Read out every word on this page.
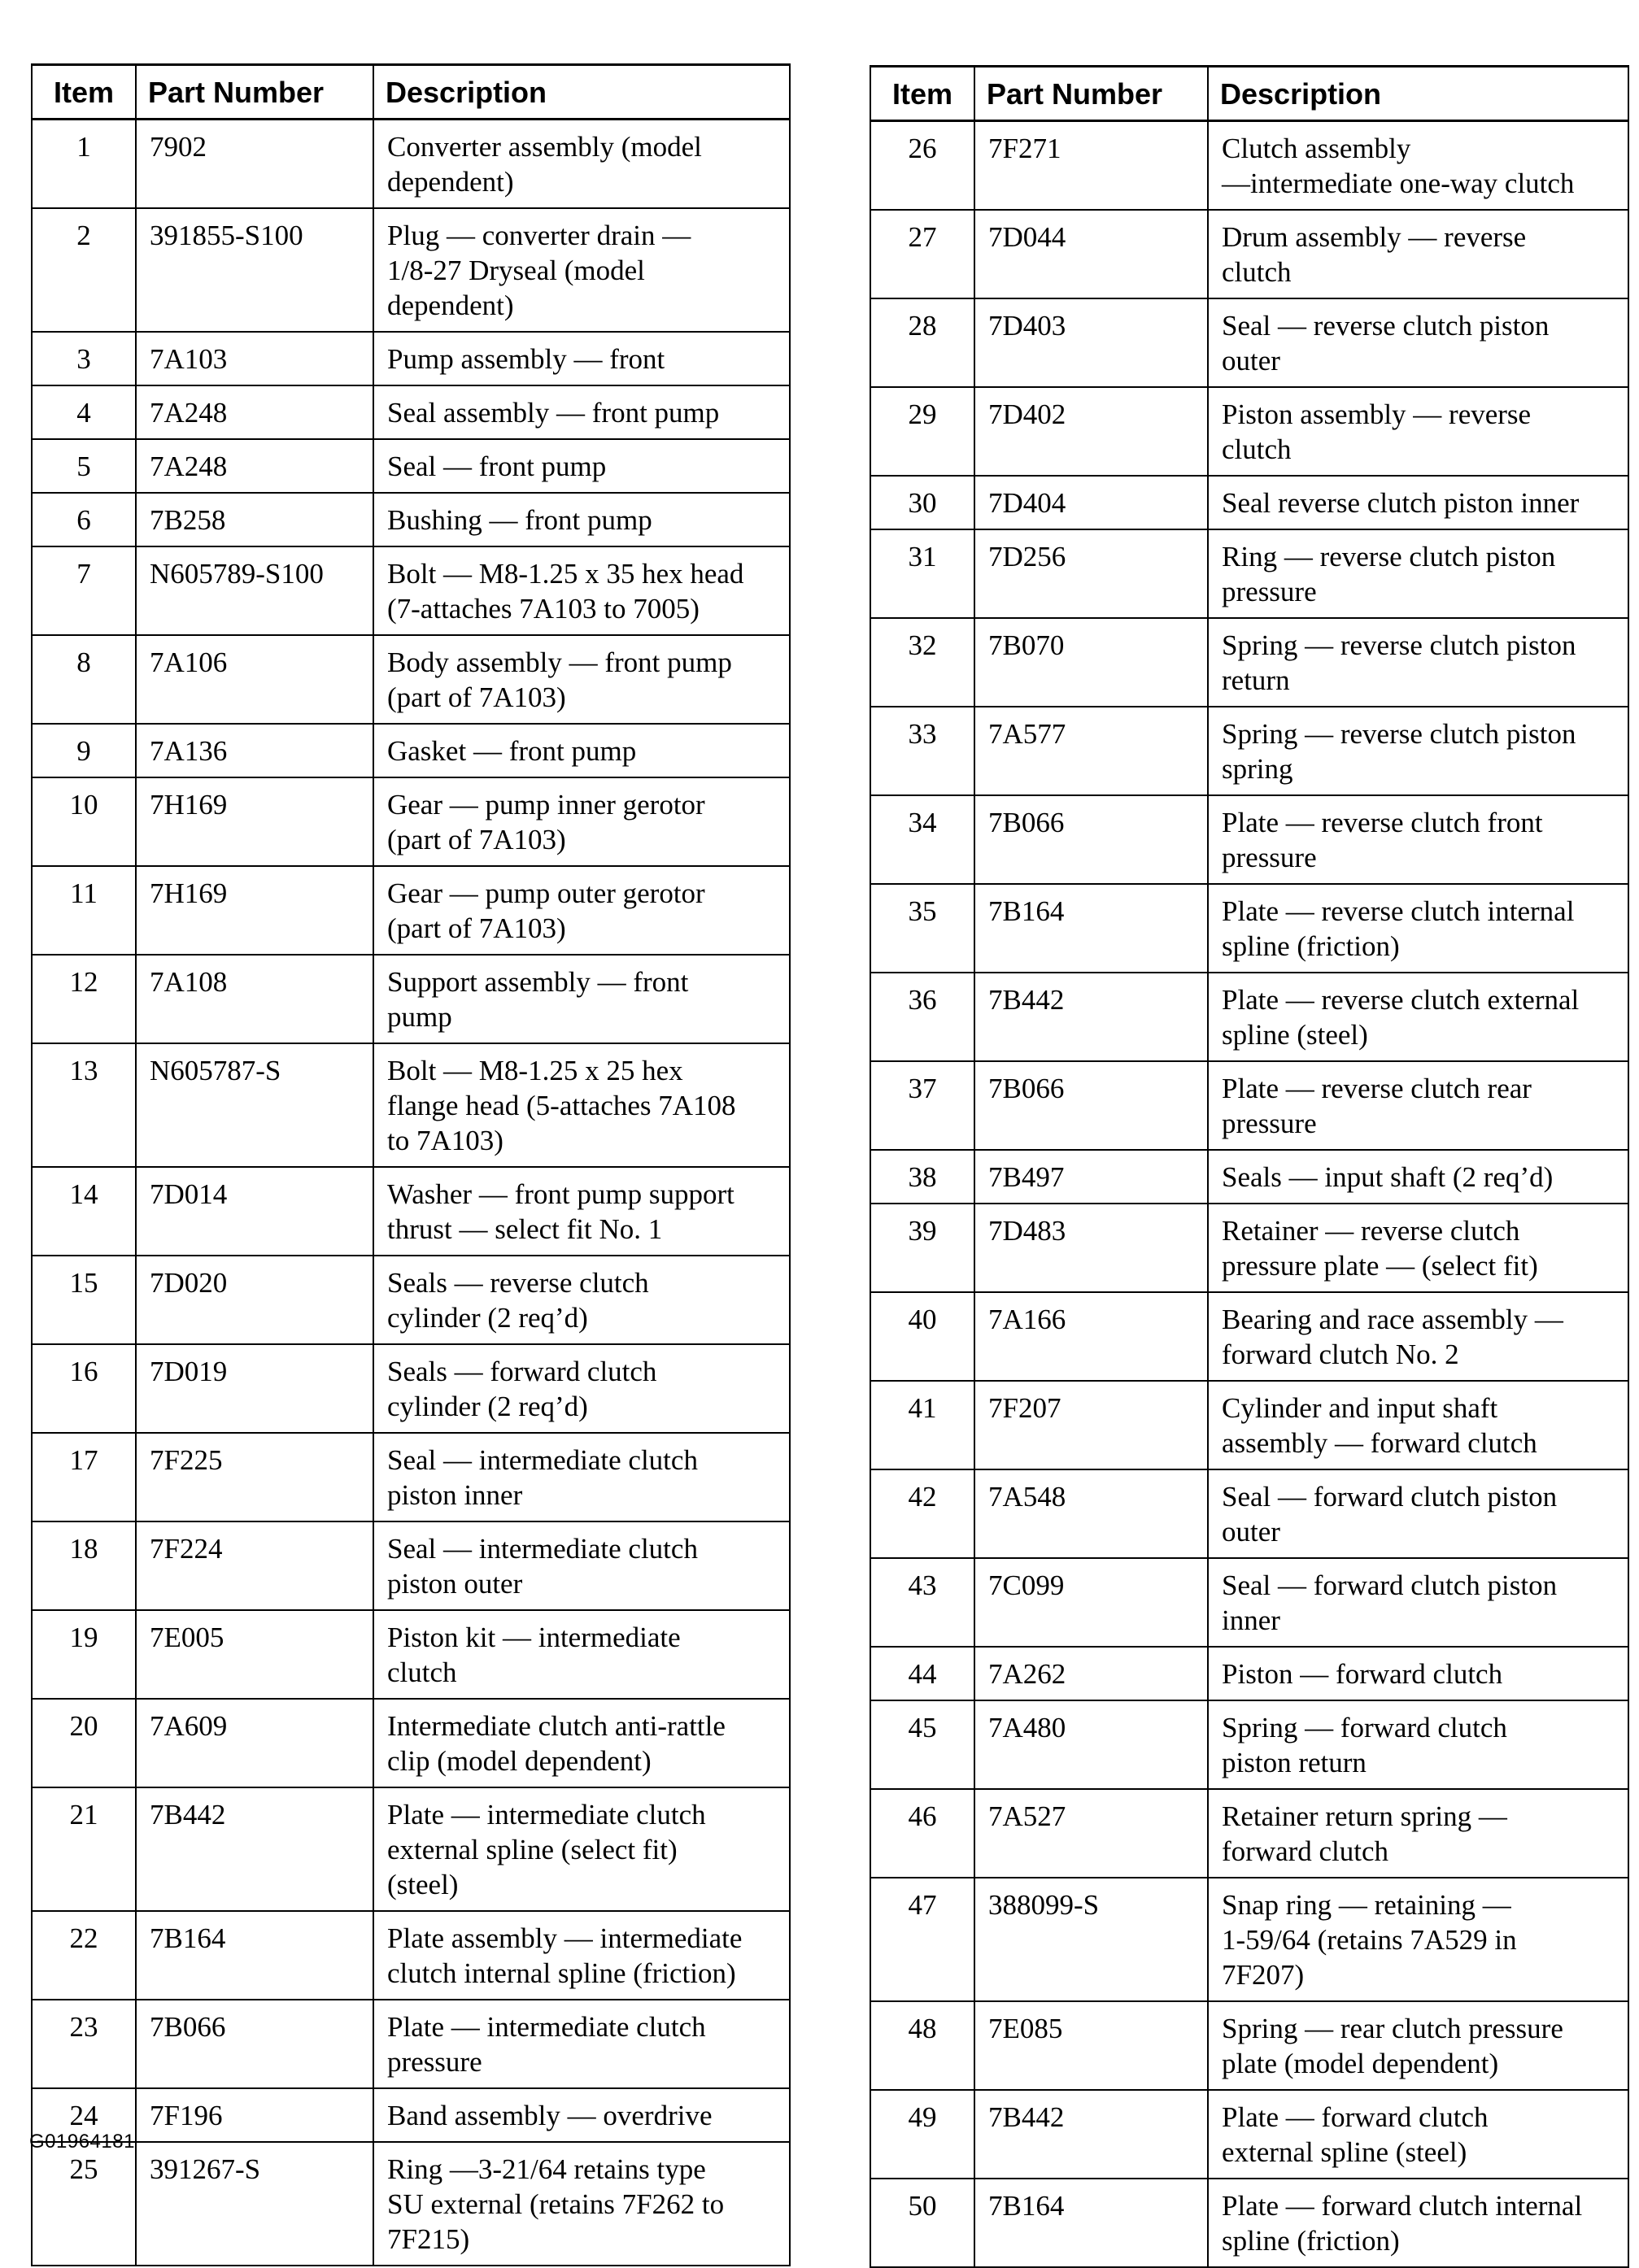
Item	Part Number	Description
1	7902	Converter assembly (model
dependent)
2	391855-S100	Plug — converter drain —
1/8-27 Dryseal (model
dependent)
3	7A103	Pump assembly — front
4	7A248	Seal assembly — front pump
5	7A248	Seal — front pump
6	7B258	Bushing — front pump
7	N605789-S100	Bolt — M8-1.25 x 35 hex head
(7-attaches 7A103 to 7005)
8	7A106	Body assembly — front pump
(part of 7A103)
9	7A136	Gasket — front pump
10	7H169	Gear — pump inner gerotor
(part of 7A103)
11	7H169	Gear — pump outer gerotor
(part of 7A103)
12	7A108	Support assembly — front
pump
13	N605787-S	Bolt — M8-1.25 x 25 hex
flange head (5-attaches 7A108
to 7A103)
14	7D014	Washer — front pump support
thrust — select fit No. 1
15	7D020	Seals — reverse clutch
cylinder (2 req’d)
16	7D019	Seals — forward clutch
cylinder (2 req’d)
17	7F225	Seal — intermediate clutch
piston inner
18	7F224	Seal — intermediate clutch
piston outer
19	7E005	Piston kit — intermediate
clutch
20	7A609	Intermediate clutch anti-rattle
clip (model dependent)
21	7B442	Plate — intermediate clutch
external spline (select fit)
(steel)
22	7B164	Plate assembly — intermediate
clutch internal spline (friction)
23	7B066	Plate — intermediate clutch
pressure
24	7F196	Band assembly — overdrive
25	391267-S	Ring —3-21/64 retains type
SU external (retains 7F262 to
7F215)
Item	Part Number	Description
26	7F271	Clutch assembly
—intermediate one-way clutch
27	7D044	Drum assembly — reverse
clutch
28	7D403	Seal — reverse clutch piston
outer
29	7D402	Piston assembly — reverse
clutch
30	7D404	Seal reverse clutch piston inner
31	7D256	Ring — reverse clutch piston
pressure
32	7B070	Spring — reverse clutch piston
return
33	7A577	Spring — reverse clutch piston
spring
34	7B066	Plate — reverse clutch front
pressure
35	7B164	Plate — reverse clutch internal
spline (friction)
36	7B442	Plate — reverse clutch external
spline (steel)
37	7B066	Plate — reverse clutch rear
pressure
38	7B497	Seals — input shaft (2 req’d)
39	7D483	Retainer — reverse clutch
pressure plate — (select fit)
40	7A166	Bearing and race assembly —
forward clutch No. 2
41	7F207	Cylinder and input shaft
assembly — forward clutch
42	7A548	Seal — forward clutch piston
outer
43	7C099	Seal — forward clutch piston
inner
44	7A262	Piston — forward clutch
45	7A480	Spring — forward clutch
piston return
46	7A527	Retainer return spring —
forward clutch
47	388099-S	Snap ring — retaining —
1-59/64 (retains 7A529 in
7F207)
48	7E085	Spring — rear clutch pressure
plate (model dependent)
49	7B442	Plate — forward clutch
external spline (steel)
50	7B164	Plate — forward clutch internal
spline (friction)
G01964181
